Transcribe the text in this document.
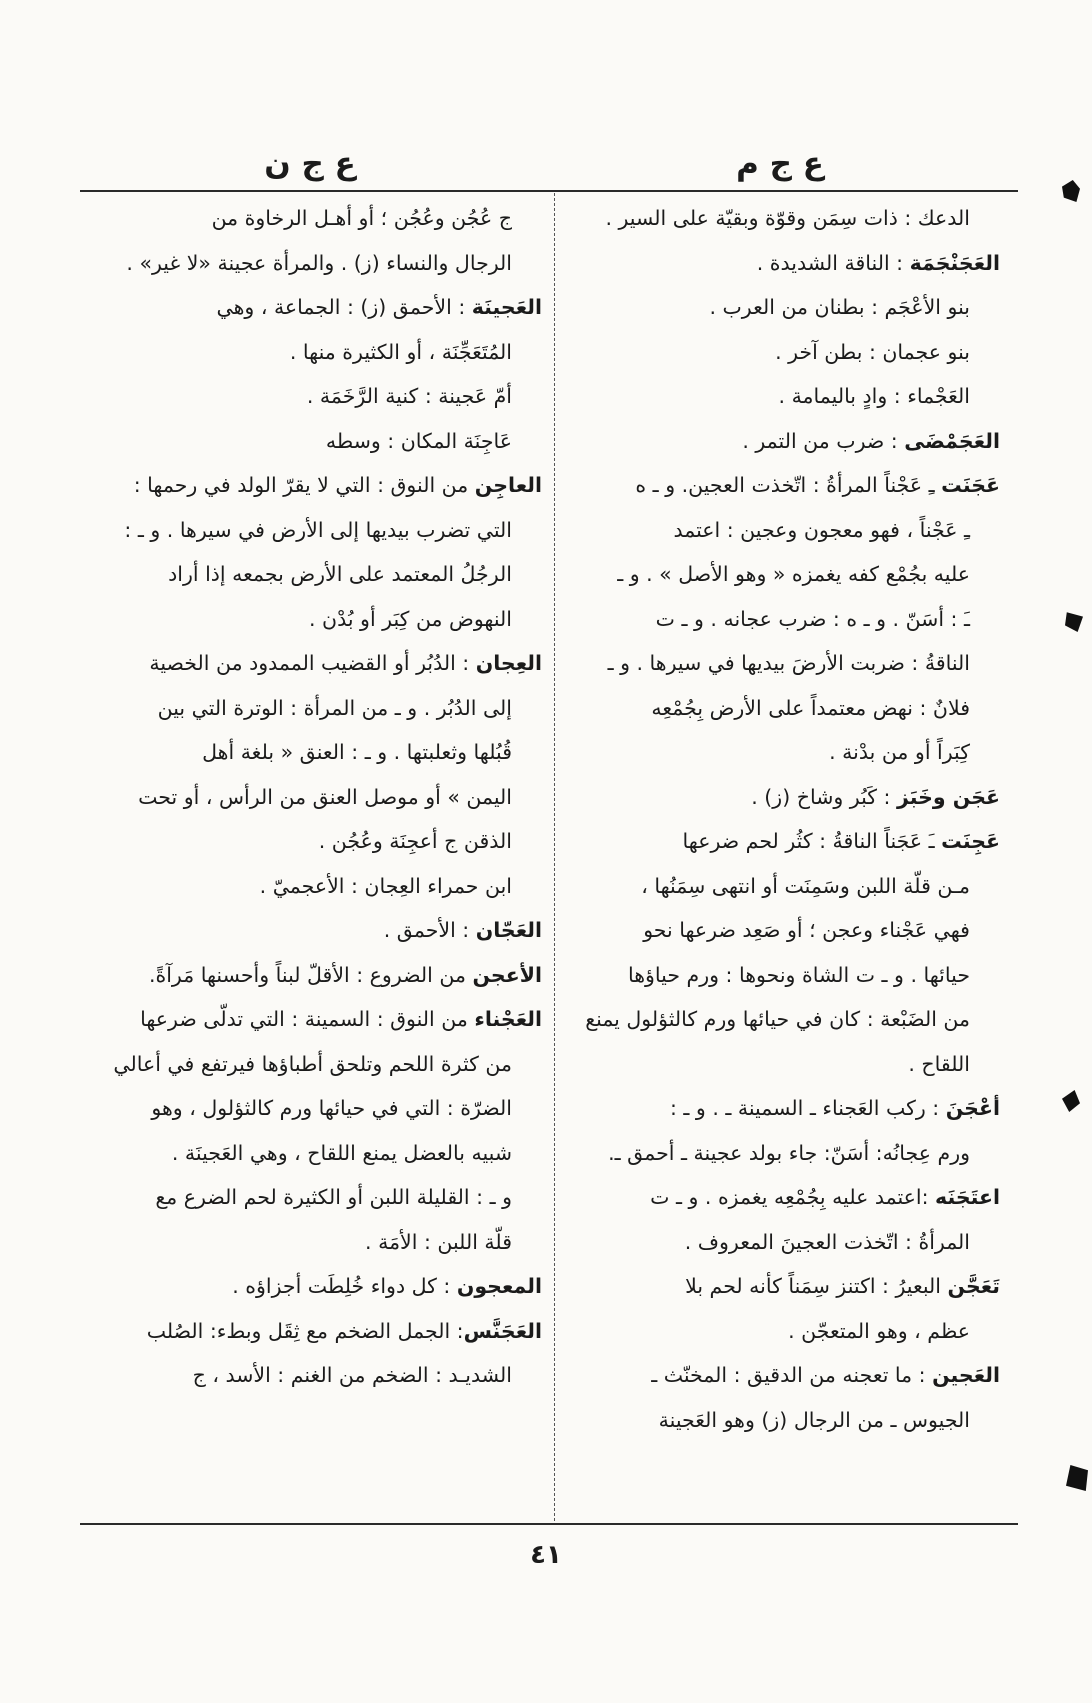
ع ج م
ع ج ن
الدعك : ذات سِمَن وقوّة وبقيّة على السير .
العَجَنْجَمَة : الناقة الشديدة .
بنو الأعْجَم : بطنان من العرب .
بنو عجمان : بطن آخر .
العَجْماء : وادٍ باليمامة .
العَجَمْضَى : ضرب من التمر .
عَجَنَت ـِ عَجْناً المرأةُ : اتّخذت العجين. و ـ ه
ـِ عَجْناً ، فهو معجون وعجين : اعتمد
عليه بجُمْع كفه يغمزه « وهو الأصل » . و ـ
ـَ : أسَنّ . و ـ ه : ضرب عجانه . و ـ ت
الناقةُ : ضربت الأرضَ بيديها في سيرها . و ـ
فلانٌ : نهض معتمداً على الأرض بِجُمْعِه
كِبَراً أو من بدْنة .
عَجَن وخَبَز : كَبُر وشاخ (ز) .
عَجِنَت ـَ عَجَناً الناقةُ : كثُر لحم ضرعها
مـن قلّة اللبن وسَمِنَت أو انتهى سِمَنُها ،
فهي عَجْناء وعجن ؛ أو صَعِد ضرعها نحو
حيائها . و ـ ت الشاة ونحوها : ورم حياؤها
من الضَبْعة : كان في حيائها ورم كالثؤلول يمنع
اللقاح .
أعْجَنَ : ركب العَجناء ـ السمينة ـ . و ـ :
ورم عِجانُه: أسَنّ: جاء بولد عجينة ـ أحمق ـ.
اعتَجَنَه :اعتمد عليه بِجُمْعِه يغمزه . و ـ ت
المرأةُ : اتّخذت العجينَ المعروف .
تَعَجَّن البعيرُ : اكتنز سِمَناً كأنه لحم بلا
عظم ، وهو المتعجّن .
العَجين : ما تعجنه من الدقيق : المخنّث ـ
الجيوس ـ من الرجال (ز) وهو العَجينة
ج عُجُن وعُجُن ؛ أو أهـل الرخاوة من
الرجال والنساء (ز) . والمرأة عجينة «لا غير» .
العَجينَة : الأحمق (ز) : الجماعة ، وهي
المُتَعَجِّنَة ، أو الكثيرة منها .
أمّ عَجينة : كنية الرَّخَمَة .
عَاجِنَة المكان : وسطه
العاجِن من النوق : التي لا يقرّ الولد في رحمها :
التي تضرب بيديها إلى الأرض في سيرها . و ـ :
الرجُلُ المعتمد على الأرض بجمعه إذا أراد
النهوض من كِبَر أو بُدْن .
العِجان : الدُبُر أو القضيب الممدود من الخصية
إلى الدُبُر . و ـ من المرأة : الوترة التي بين
قُبُلها وثعلبتها . و ـ : العنق « بلغة أهل
اليمن » أو موصل العنق من الرأس ، أو تحت
الذقن ج أعجِنَة وعُجُن .
ابن حمراء العِجان : الأعجميّ .
العَجّان : الأحمق .
الأعجن من الضروع : الأقلّ لبناً وأحسنها مَرآةً.
العَجْناء من النوق : السمينة : التي تدلّى ضرعها
من كثرة اللحم وتلحق أطباؤها فيرتفع في أعالي
الضرّة : التي في حيائها ورم كالثؤلول ، وهو
شبيه بالعضل يمنع اللقاح ، وهي العَجينَة .
و ـ : القليلة اللبن أو الكثيرة لحم الضرع مع
قلّة اللبن : الأمَة .
المعجون : كل دواء خُلِطَت أجزاؤه .
العَجَنَّس: الجمل الضخم مع ثِقَل وبطء: الصُلب
الشديـد : الضخم من الغنم : الأسد ، ج
٤١
